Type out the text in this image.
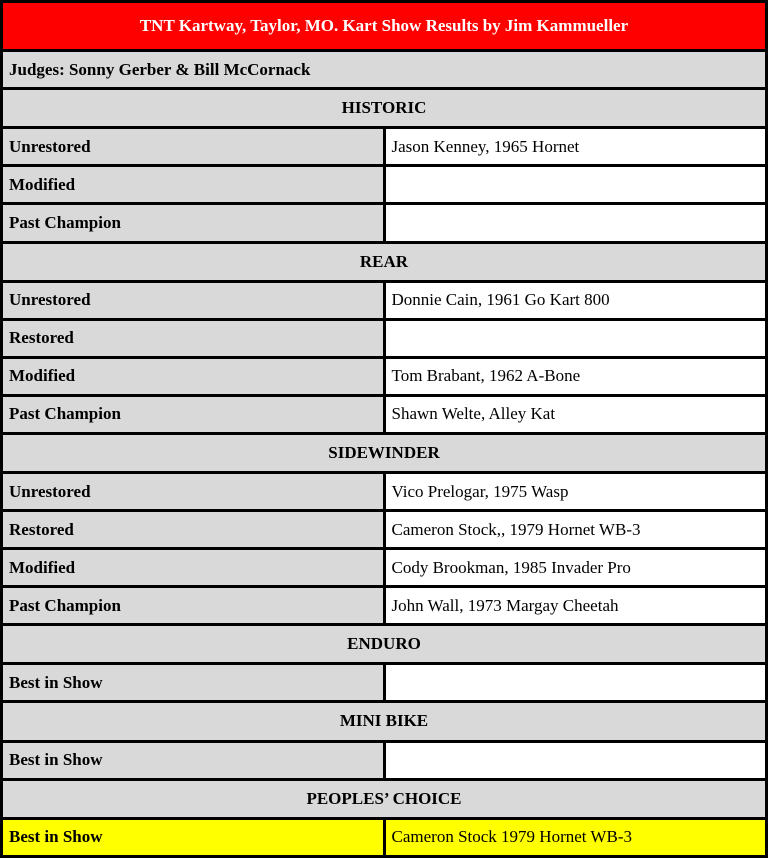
TNT Kartway, Taylor, MO. Kart Show Results by Jim Kammueller	
Judges: Sonny Gerber & Bill McCornack	
HISTORIC	
Unrestored	Jason Kenney, 1965 Hornet
Modified	
Past Champion	
REAR	
Unrestored	Donnie Cain, 1961 Go Kart 800
Restored	
Modified	Tom Brabant, 1962 A-Bone
Past Champion	Shawn Welte, Alley Kat
SIDEWINDER	
Unrestored	Vico Prelogar, 1975 Wasp
Restored	Cameron Stock,, 1979 Hornet WB-3
Modified	Cody Brookman, 1985 Invader Pro
Past Champion	John Wall, 1973 Margay Cheetah
ENDURO	
Best in Show	
MINI BIKE	
Best in Show	
PEOPLES’ CHOICE	
Best in Show	Cameron Stock 1979 Hornet WB-3
